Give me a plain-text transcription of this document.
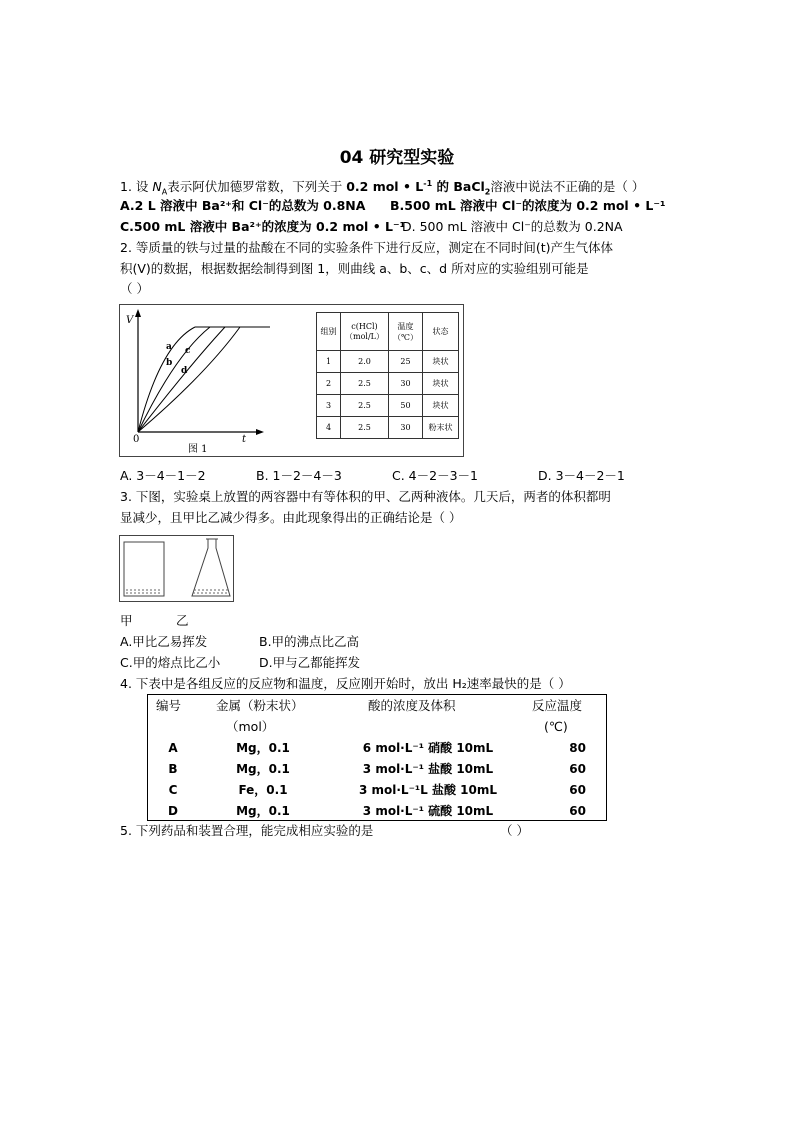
04 研究型实验
1. 设 $N_A$表示阿伏加德罗常数，下列关于 0.2 mol • $L^{-1}$ 的 BaCl$_2$溶液中说法不正确的是（ ）
A.2 L 溶液中 Ba²⁺和 Cl⁻的总数为 0.8NA B.500 mL 溶液中 Cl⁻的浓度为 0.2 mol • L⁻¹
C.500 mL 溶液中 Ba²⁺的浓度为 0.2 mol • L⁻¹
D. 500 mL 溶液中 Cl⁻的总数为 0.2NA
2. 等质量的铁与过量的盐酸在不同的实验条件下进行反应，测定在不同时间(t)产生气体体
积(V)的数据，根据数据绘制得到图 1，则曲线 a、b、c、d 所对应的实验组别可能是
（ ）
V
t
0
图 1
a
b
c
d
组别	c(HCl)（mol/L）	温度（℃）	状态
1	2.0	25	块状
2	2.5	30	块状
3	2.5	50	块状
4	2.5	30	粉末状
A. 3－4－1－2	B. 1－2－4－3	C. 4－2－3－1	D. 3－4－2－1
3. 下图，实验桌上放置的两容器中有等体积的甲、乙两种液体。几天后，两者的体积都明
显减少，且甲比乙减少得多。由此现象得出的正确结论是（ ）
甲	乙
A.甲比乙易挥发	B.甲的沸点比乙高
C.甲的熔点比乙小	D.甲与乙都能挥发
4. 下表中是各组反应的反应物和温度，反应刚开始时，放出 H₂速率最快的是（ ）
编号	金属（粉末状）	酸的浓度及体积	反应温度
（mol）	(℃)
A	Mg，0.1	6 mol·L⁻¹ 硝酸 10mL	80
B	Mg，0.1	3 mol·L⁻¹ 盐酸 10mL	60
C	Fe，0.1	3 mol·L⁻¹L 盐酸 10mL	60
D	Mg，0.1	3 mol·L⁻¹ 硫酸 10mL	60
5. 下列药品和装置合理，能完成相应实验的是	（ ）
